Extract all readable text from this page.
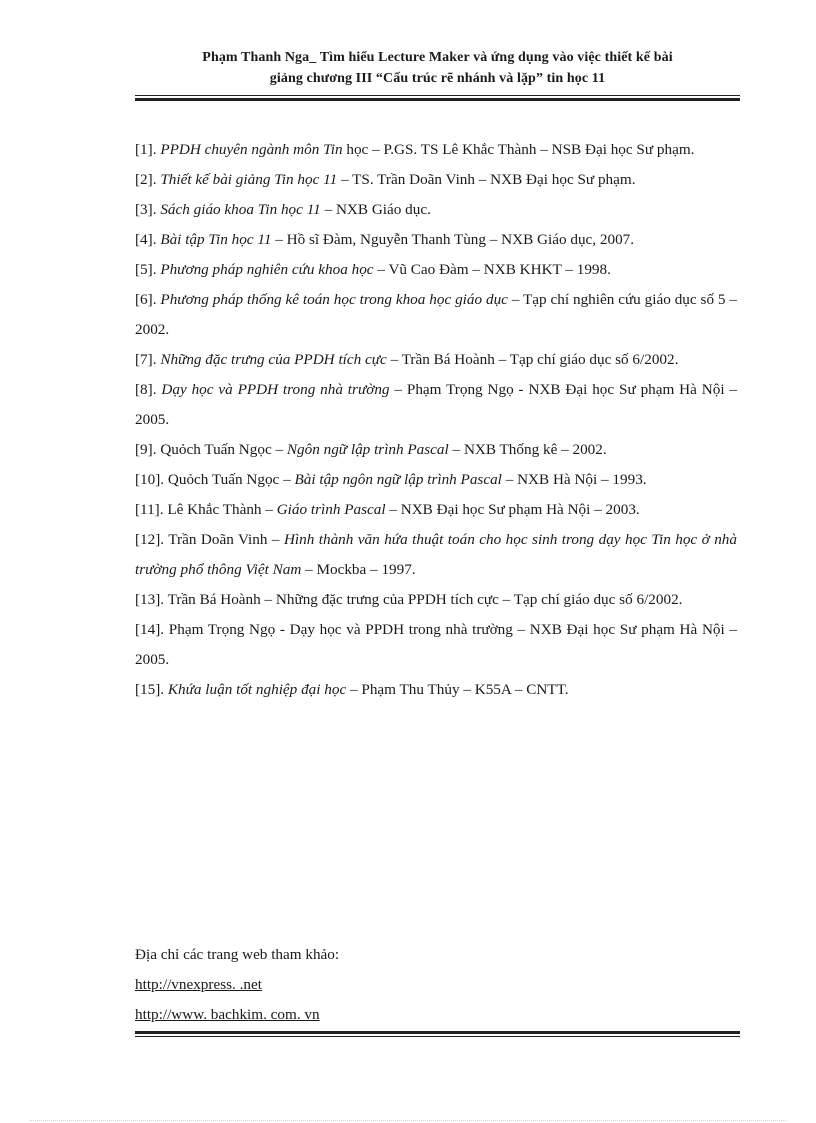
Phạm Thanh Nga_ Tìm hiểu Lecture Maker và ứng dụng vào việc thiết kế bài
giảng chương III “Cấu trúc rẽ nhánh và lặp” tin học 11

[1]. PPDH chuyên ngành môn Tin học – P.GS. TS Lê Khắc Thành – NSB Đại học Sư phạm.

[2]. Thiết kế bài giảng Tin học 11 – TS. Trần Doãn Vinh – NXB Đại học Sư phạm.

[3]. Sách giáo khoa Tin học 11 – NXB Giáo dục.

[4]. Bài tập Tin học 11 – Hồ sĩ Đàm, Nguyễn Thanh Tùng – NXB Giáo dục, 2007.

[5]. Phương pháp nghiên cứu khoa học – Vũ Cao Đàm – NXB KHKT – 1998.

[6]. Phương pháp thống kê toán học trong khoa học giáo dục – Tạp chí nghiên cứu giáo dục số 5 – 2002.

[7]. Những đặc trưng của PPDH tích cực – Trần Bá Hoành – Tạp chí giáo dục số 6/2002.

[8]. Dạy học và PPDH trong nhà trường – Phạm Trọng Ngọ - NXB Đại học Sư phạm Hà Nội – 2005.

[9]. Quỏch Tuấn Ngọc – Ngôn ngữ lập trình Pascal – NXB Thống kê – 2002.

[10]. Quỏch Tuấn Ngọc – Bài tập ngôn ngữ lập trình Pascal – NXB Hà Nội – 1993.

[11]. Lê Khắc Thành – Giáo trình Pascal – NXB Đại học Sư phạm Hà Nội – 2003.

[12]. Trần Doãn Vinh – Hình thành văn hứa thuật toán cho học sinh trong dạy học Tin học ở nhà trường phổ thông Việt Nam – Mockba – 1997.

[13]. Trần Bá Hoành – Những đặc trưng của PPDH tích cực – Tạp chí giáo dục số 6/2002.

[14]. Phạm Trọng Ngọ - Dạy học và PPDH trong nhà trường – NXB Đại học Sư phạm Hà Nội – 2005.

[15]. Khứa luận tốt nghiệp đại học – Phạm Thu Thủy – K55A – CNTT.

Địa chỉ các trang web tham khảo:

http://vnexpress. .net

http://www. bachkim. com. vn
